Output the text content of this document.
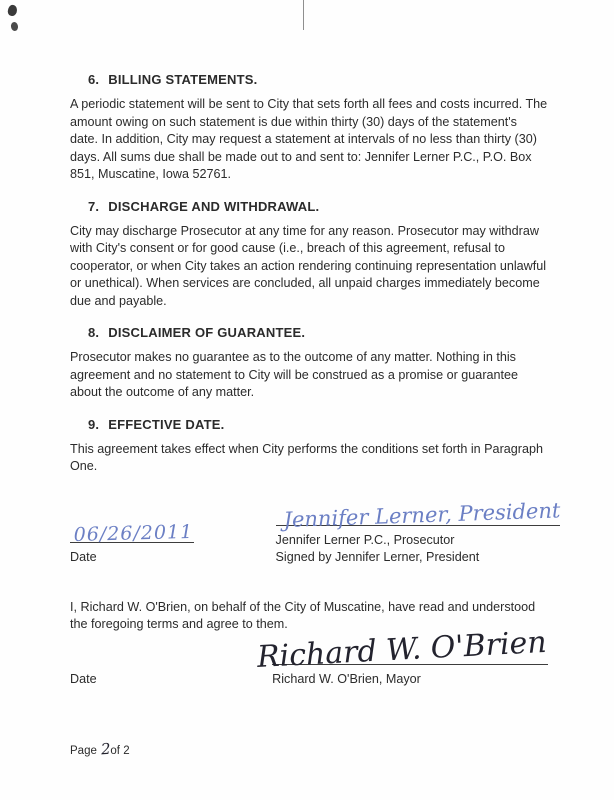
6. BILLING STATEMENTS.

A periodic statement will be sent to City that sets forth all fees and costs incurred. The amount owing on such statement is due within thirty (30) days of the statement's date. In addition, City may request a statement at intervals of no less than thirty (30) days. All sums due shall be made out to and sent to: Jennifer Lerner P.C., P.O. Box 851, Muscatine, Iowa 52761.

7. DISCHARGE AND WITHDRAWAL.

City may discharge Prosecutor at any time for any reason. Prosecutor may withdraw with City's consent or for good cause (i.e., breach of this agreement, refusal to cooperator, or when City takes an action rendering continuing representation unlawful or unethical). When services are concluded, all unpaid charges immediately become due and payable.

8. DISCLAIMER OF GUARANTEE.

Prosecutor makes no guarantee as to the outcome of any matter. Nothing in this agreement and no statement to City will be construed as a promise or guarantee about the outcome of any matter.

9. EFFECTIVE DATE.

This agreement takes effect when City performs the conditions set forth in Paragraph One.

06/26/2011
Date
Jennifer Lerner, President
Jennifer Lerner P.C., Prosecutor
Signed by Jennifer Lerner, President

I, Richard W. O'Brien, on behalf of the City of Muscatine, have read and understood the foregoing terms and agree to them.

Date
Richard W. O'Brien
Richard W. O'Brien, Mayor
Page 2 of 2
